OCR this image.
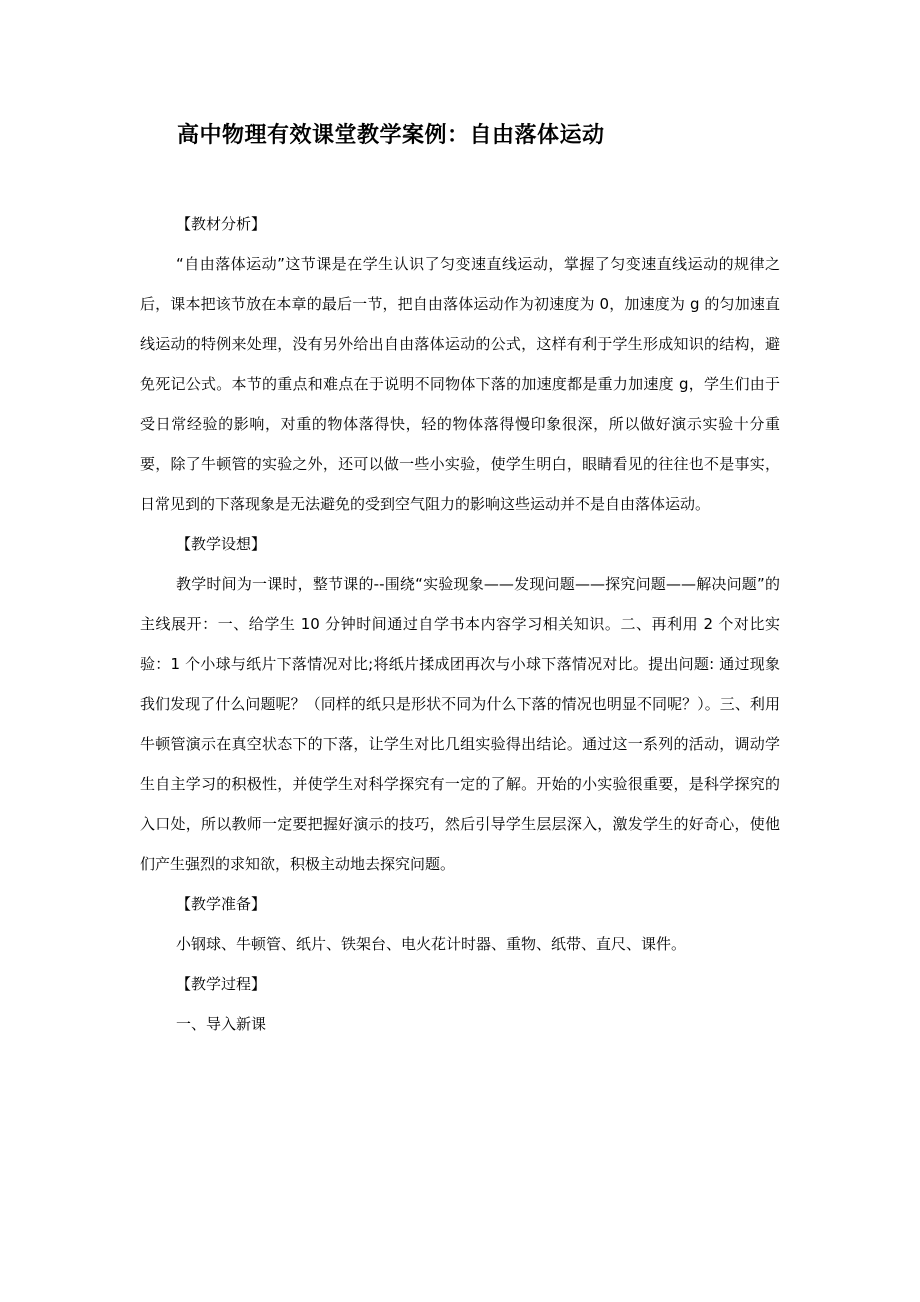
高中物理有效课堂教学案例：自由落体运动

【教材分析】

“自由落体运动”这节课是在学生认识了匀变速直线运动，掌握了匀变速直线运动的规律之后，课本把该节放在本章的最后一节，把自由落体运动作为初速度为 0，加速度为 g 的匀加速直线运动的特例来处理，没有另外给出自由落体运动的公式，这样有利于学生形成知识的结构，避免死记公式。本节的重点和难点在于说明不同物体下落的加速度都是重力加速度 g，学生们由于受日常经验的影响，对重的物体落得快，轻的物体落得慢印象很深，所以做好演示实验十分重要，除了牛顿管的实验之外，还可以做一些小实验，使学生明白，眼睛看见的往往也不是事实，日常见到的下落现象是无法避免的受到空气阻力的影响这些运动并不是自由落体运动。

【教学设想】

教学时间为一课时，整节课的--围绕“实验现象——发现问题——探究问题——解决问题”的主线展开：一、给学生 10 分钟时间通过自学书本内容学习相关知识。二、再利用 2 个对比实验：1 个小球与纸片下落情况对比;将纸片揉成团再次与小球下落情况对比。提出问题: 通过现象我们发现了什么问题呢？（同样的纸只是形状不同为什么下落的情况也明显不同呢？）。三、利用牛顿管演示在真空状态下的下落，让学生对比几组实验得出结论。通过这一系列的活动，调动学生自主学习的积极性，并使学生对科学探究有一定的了解。开始的小实验很重要，是科学探究的入口处，所以教师一定要把握好演示的技巧，然后引导学生层层深入，激发学生的好奇心，使他们产生强烈的求知欲，积极主动地去探究问题。

【教学准备】

小钢球、牛顿管、纸片、铁架台、电火花计时器、重物、纸带、直尺、课件。

【教学过程】

一、导入新课
